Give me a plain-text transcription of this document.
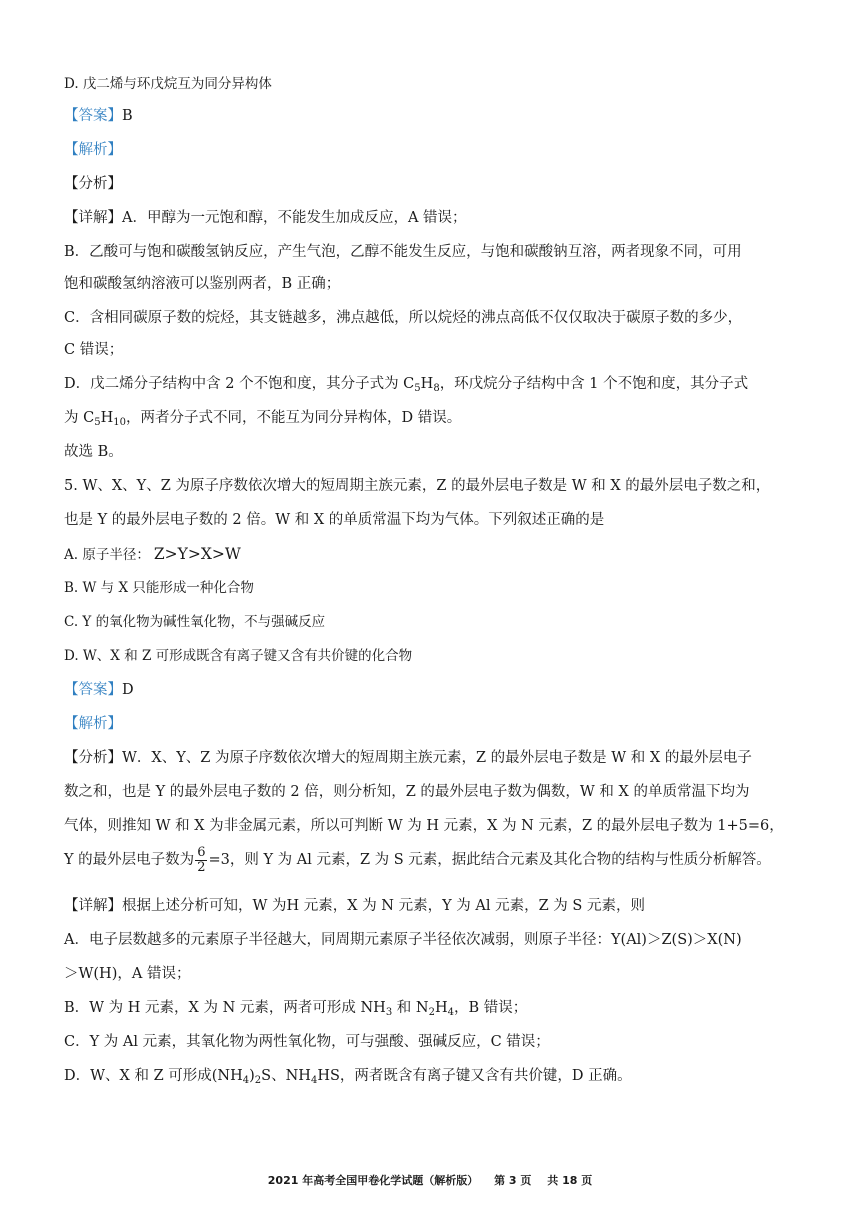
D. 戊二烯与环戊烷互为同分异构体
【答案】B
【解析】
【分析】
【详解】A．甲醇为一元饱和醇，不能发生加成反应，A 错误；
B．乙酸可与饱和碳酸氢钠反应，产生气泡，乙醇不能发生反应，与饱和碳酸钠互溶，两者现象不同，可用
饱和碳酸氢纳溶液可以鉴别两者，B 正确；
C．含相同碳原子数的烷烃，其支链越多，沸点越低，所以烷烃的沸点高低不仅仅取决于碳原子数的多少，
C 错误；
D．戊二烯分子结构中含 2 个不饱和度，其分子式为 $C_5H_8$，环戊烷分子结构中含 1 个不饱和度，其分子式
为 $C_5H_{10}$，两者分子式不同，不能互为同分异构体，D 错误。
故选 B。
5. W、X、Y、Z 为原子序数依次增大的短周期主族元素，Z 的最外层电子数是 W 和 X 的最外层电子数之和，
也是 Y 的最外层电子数的 2 倍。W 和 X 的单质常温下均为气体。下列叙述正确的是
A. 原子半径： Z>Y>X>W
B. W 与 X 只能形成一种化合物
C. Y 的氧化物为碱性氧化物，不与强碱反应
D. W、X 和 Z 可形成既含有离子键又含有共价键的化合物
【答案】D
【解析】
【分析】W．X、Y、Z 为原子序数依次增大的短周期主族元素，Z 的最外层电子数是 W 和 X 的最外层电子
数之和，也是 Y 的最外层电子数的 2 倍，则分析知，Z 的最外层电子数为偶数，W 和 X 的单质常温下均为
气体，则推知 W 和 X 为非金属元素，所以可判断 W 为 H 元素，X 为 N 元素，Z 的最外层电子数为 1+5=6，
Y 的最外层电子数为 $\frac{6}{2} =3$，则 Y 为 Al 元素，Z 为 S 元素，据此结合元素及其化合物的结构与性质分析解答。
【详解】根据上述分析可知，W 为H 元素，X 为 N 元素，Y 为 Al 元素，Z 为 S 元素，则
A．电子层数越多的元素原子半径越大，同周期元素原子半径依次减弱，则原子半径：Y(Al)＞Z(S)＞X(N)
＞W(H)，A 错误；
B．W 为 H 元素，X 为 N 元素，两者可形成 $NH_3$ 和 $N_2H_4$，B 错误；
C．Y 为 Al 元素，其氧化物为两性氧化物，可与强酸、强碱反应，C 错误；
D．W、X 和 Z 可形成$(NH_4)_2S$、$NH_4HS$，两者既含有离子键又含有共价键，D 正确。
2021 年高考全国甲卷化学试题（解析版） 第 3 页 共 18 页
